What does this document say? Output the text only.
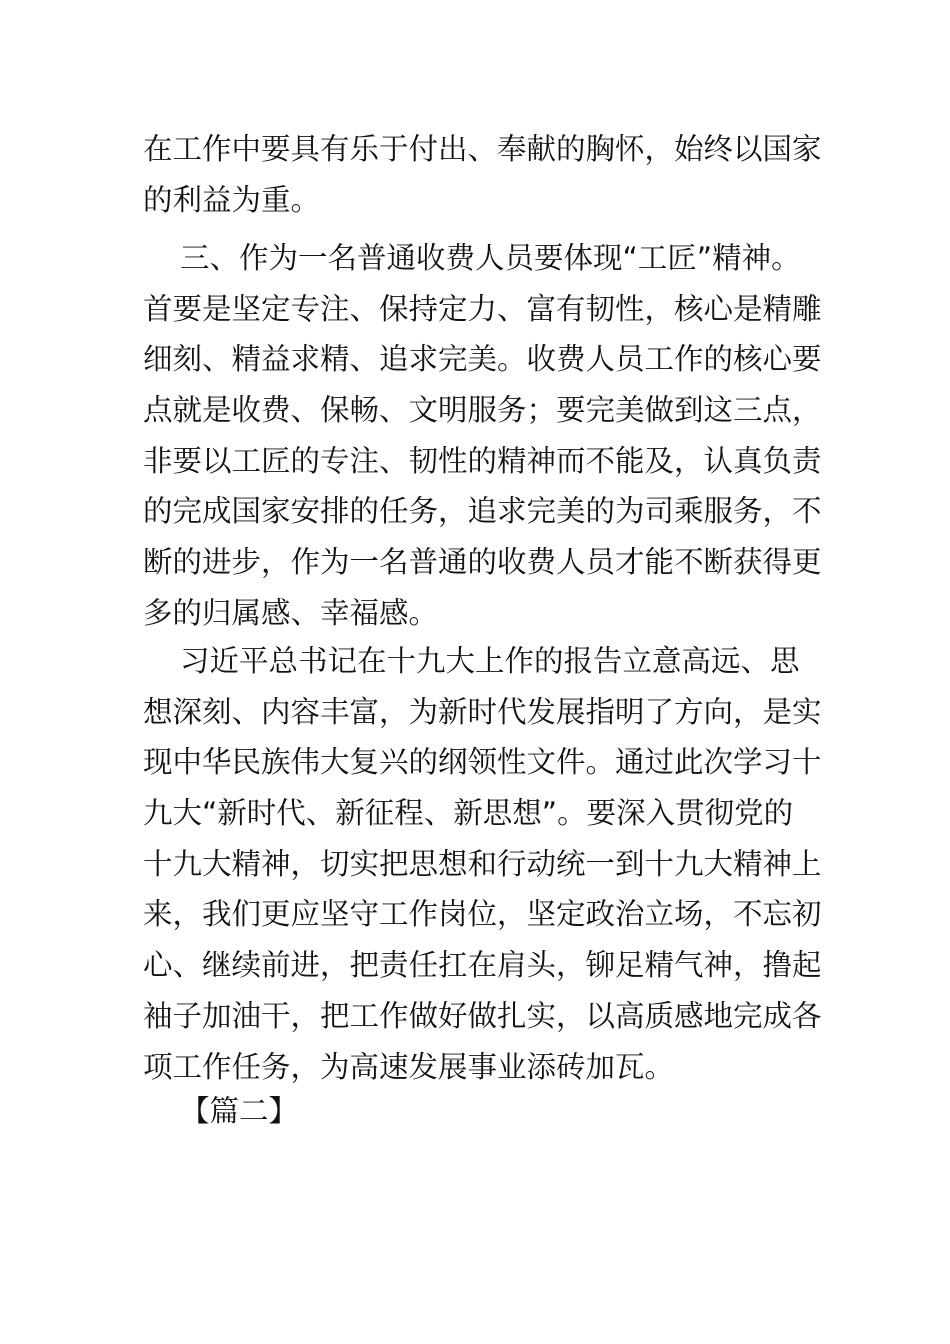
在工作中要具有乐于付出、奉献的胸怀，始终以国家
的利益为重。
三、作为一名普通收费人员要体现“工匠”精神。
首要是坚定专注、保持定力、富有韧性，核心是精雕
细刻、精益求精、追求完美。收费人员工作的核心要
点就是收费、保畅、文明服务；要完美做到这三点，
非要以工匠的专注、韧性的精神而不能及，认真负责
的完成国家安排的任务，追求完美的为司乘服务，不
断的进步，作为一名普通的收费人员才能不断获得更
多的归属感、幸福感。
习近平总书记在十九大上作的报告立意高远、思
想深刻、内容丰富，为新时代发展指明了方向，是实
现中华民族伟大复兴的纲领性文件。通过此次学习十
九大“新时代、新征程、新思想”。要深入贯彻党的
十九大精神，切实把思想和行动统一到十九大精神上
来，我们更应坚守工作岗位，坚定政治立场，不忘初
心、继续前进，把责任扛在肩头，铆足精气神，撸起
袖子加油干，把工作做好做扎实，以高质感地完成各
项工作任务，为高速发展事业添砖加瓦。
【篇二】
